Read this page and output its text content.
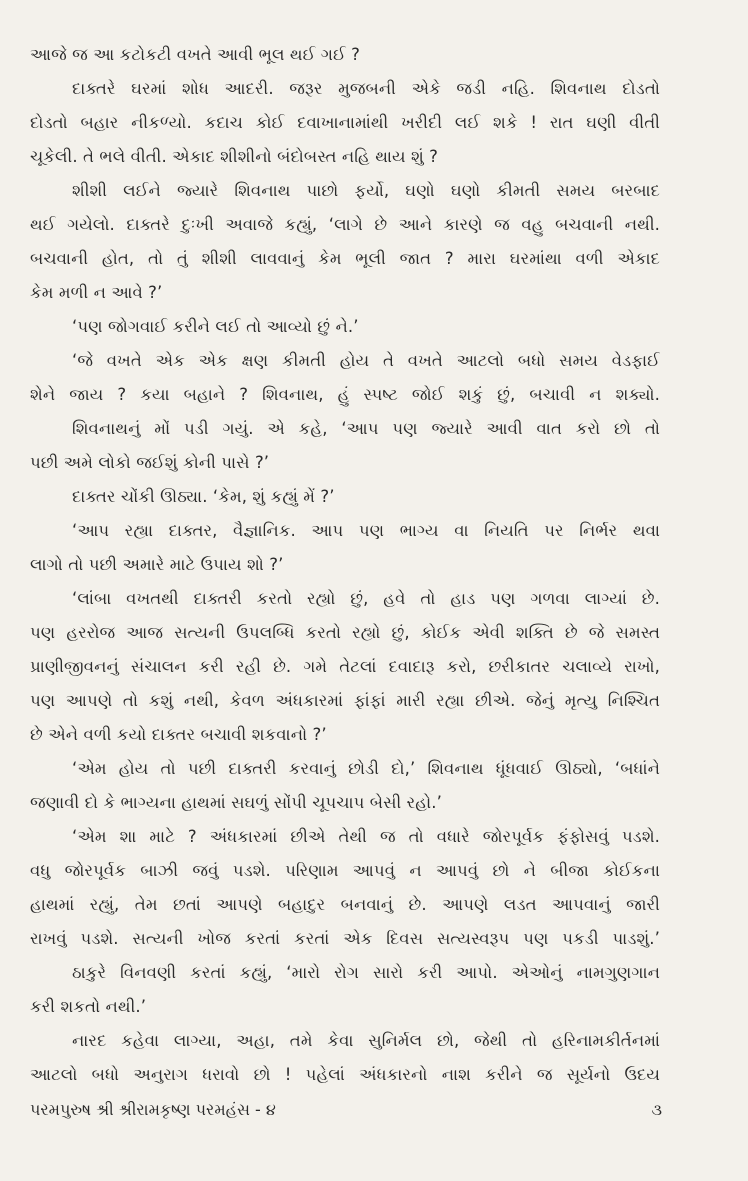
આજે જ આ કટોકટી વખતે આવી ભૂલ થઈ ગઈ ?
દાક્તરે ઘરમાં શોધ આદરી. જરૂર મુજબની એકે જડી નહિ. શિવનાથ દોડતો
દોડતો બહાર નીકળ્યો. કદાચ કોઈ દવાખાનામાંથી ખરીદી લઈ શકે ! રાત ઘણી વીતી
ચૂકેલી. તે ભલે વીતી. એકાદ શીશીનો બંદોબસ્ત નહિ થાય શું ?
શીશી લઈને જ્યારે શિવનાથ પાછો ફર્યો, ઘણો ઘણો કીમતી સમય બરબાદ
થઈ ગયેલો. દાક્તરે દુઃખી અવાજે કહ્યું, ‘લાગે છે આને કારણે જ વહુ બચવાની નથી.
બચવાની હોત, તો તું શીશી લાવવાનું કેમ ભૂલી જાત ? મારા ઘરમાંથા વળી એકાદ
કેમ મળી ન આવે ?’
‘પણ જોગવાઈ કરીને લઈ તો આવ્યો છું ને.’
‘જે વખતે એક એક ક્ષણ કીમતી હોય તે વખતે આટલો બધો સમય વેડફાઈ
શેને જાય ? કયા બહાને ? શિવનાથ, હું સ્પષ્ટ જોઈ શકું છું, બચાવી ન શક્યો.
શિવનાથનું મોં પડી ગયું. એ કહે, ‘આપ પણ જ્યારે આવી વાત કરો છો તો
પછી અમે લોકો જઈશું કોની પાસે ?’
દાક્તર ચોંકી ઊઠ્યા. ‘કેમ, શું કહ્યું મેં ?’
‘આપ રહ્યા દાક્તર, વૈજ્ઞાનિક. આપ પણ ભાગ્ય વા નિયતિ પર નિર્ભર થવા
લાગો તો પછી અમારે માટે ઉપાય શો ?’
‘લાંબા વખતથી દાક્તરી કરતો રહ્યો છું, હવે તો હાડ પણ ગળવા લાગ્યાં છે.
પણ હરરોજ આજ સત્યની ઉપલબ્ધિ કરતો રહ્યો છું, કોઈક એવી શક્તિ છે જે સમસ્ત
પ્રાણીજીવનનું સંચાલન કરી રહી છે. ગમે તેટલાં દવાદારૂ કરો, છરીકાતર ચલાવ્યે રાખો,
પણ આપણે તો કશું નથી, કેવળ અંધકારમાં ફાંફાં મારી રહ્યા છીએ. જેનું મૃત્યુ નિશ્ચિત
છે એને વળી કયો દાક્તર બચાવી શકવાનો ?’
‘એમ હોય તો પછી દાક્તરી કરવાનું છોડી દો,’ શિવનાથ ધૂંધવાઈ ઊઠ્યો, ‘બધાંને
જણાવી દો કે ભાગ્યના હાથમાં સઘળું સોંપી ચૂપચાપ બેસી રહો.’
‘એમ શા માટે ? અંધકારમાં છીએ તેથી જ તો વધારે જોરપૂર્વક ફંફોસવું પડશે.
વધુ જોરપૂર્વક બાઝી જવું પડશે. પરિણામ આપવું ન આપવું છો ને બીજા કોઈકના
હાથમાં રહ્યું, તેમ છતાં આપણે બહાદુર બનવાનું છે. આપણે લડત આપવાનું જારી
રાખવું પડશે. સત્યની ખોજ કરતાં કરતાં એક દિવસ સત્યસ્વરૂપ પણ પકડી પાડશું.’
ઠાકુરે વિનવણી કરતાં કહ્યું, ‘મારો રોગ સારો કરી આપો. એઓનું નામગુણગાન
કરી શકતો નથી.’
નારદ કહેવા લાગ્યા, અહા, તમે કેવા સુનિર્મલ છો, જેથી તો હરિનામકીર્તનમાં
આટલો બધો અનુરાગ ધરાવો છો ! પહેલાં અંધકારનો નાશ કરીને જ સૂર્યનો ઉદય
પરમપુરુષ શ્રી શ્રીરામકૃષ્ણ પરમહંસ - ૪	૩
